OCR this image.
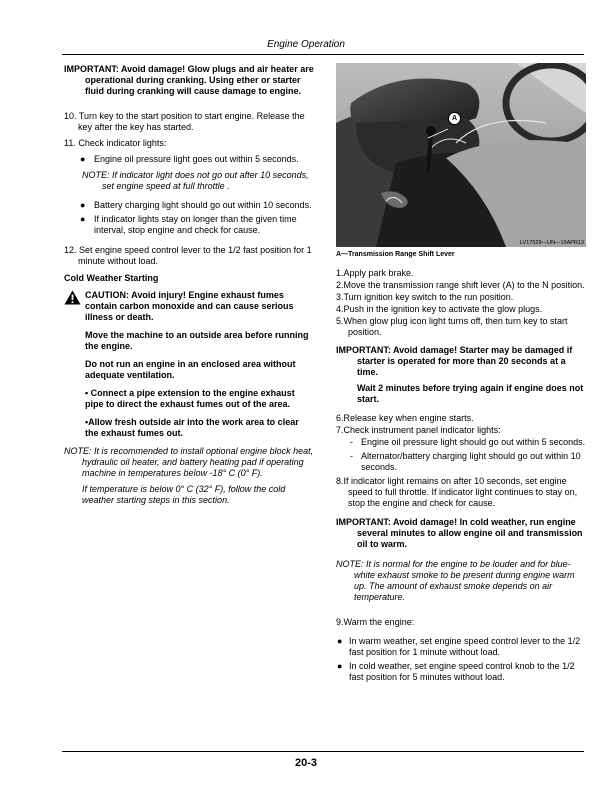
Engine Operation

IMPORTANT: Avoid damage! Glow plugs and air heater are operational during cranking. Using ether or starter fluid during cranking will cause damage to engine.

10. Turn key to the start position to start engine. Release the key after the key has started.

11. Check indicator lights:

● Engine oil pressure light goes out within 5 seconds.

NOTE: If indicator light does not go out after 10 seconds, set engine speed at full throttle .

● Battery charging light should go out within 10 seconds.
● If indicator lights stay on longer than the given time interval, stop engine and check for cause.

12. Set engine speed control lever to the 1/2 fast position for 1 minute without load.

Cold Weather Starting

CAUTION: Avoid injury! Engine exhaust fumes contain carbon monoxide and can cause serious illness or death.

Move the machine to an outside area before running the engine.

Do not run an engine in an enclosed area without adequate ventilation.

• Connect a pipe extension to the engine exhaust pipe to direct the exhaust fumes out of the area.

•Allow fresh outside air into the work area to clear the exhaust fumes out.

NOTE: It is recommended to install optional engine block heat, hydraulic oil heater, and battery heating pad if operating machine in temperatures below -18° C (0° F).

If temperature is below 0° C (32° F), follow the cold weather starting steps in this section.

A
LV17529—UN—19APR13

A—Transmission Range Shift Lever

1.Apply park brake.

2.Move the transmission range shift lever (A) to the N position.

3.Turn ignition key switch to the run position.

4.Push in the ignition key to activate the glow plugs.

5.When glow plug icon light turns off, then turn key to start position.

IMPORTANT: Avoid damage! Starter may be damaged if starter is operated for more than 20 seconds at a time.

Wait 2 minutes before trying again if engine does not start.

6.Release key when engine starts.

7.Check instrument panel indicator lights:

- Engine oil pressure light should go out within 5 seconds.
- Alternator/battery charging light should go out within 10 seconds.

8.If indicator light remains on after 10 seconds, set engine speed to full throttle. If indicator light continues to stay on, stop the engine and check for cause.

IMPORTANT: Avoid damage! In cold weather, run engine several minutes to allow engine oil and transmission oil to warm.

NOTE: It is normal for the engine to be louder and for blue-white exhaust smoke to be present during engine warm up. The amount of exhaust smoke depends on air temperature.

9.Warm the engine:

● In warm weather, set engine speed control lever to the 1/2 fast position for 1 minute without load.
● In cold weather, set engine speed control knob to the 1/2 fast position for 5 minutes without load.
20-3
